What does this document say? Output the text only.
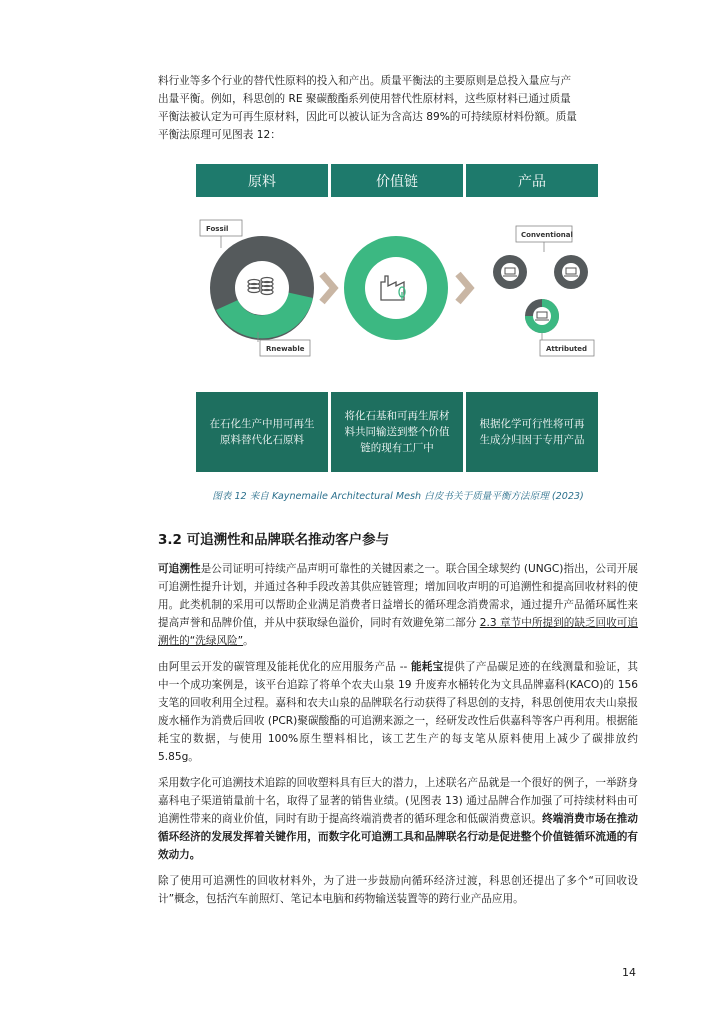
料行业等多个行业的替代性原料的投入和产出。质量平衡法的主要原则是总投入量应与产
出量平衡。例如，科思创的 RE 聚碳酸酯系列使用替代性原材料，这些原材料已通过质量
平衡法被认定为可再生原材料，因此可以被认证为含高达 89%的可持续原材料份额。质量
平衡法原理可见图表 12：
原料	价值链	产品
Fossil
Rnewable
Conventional
Attributed
在石化生产中用可再生原料替代化石原料
将化石基和可再生原材料共同输送到整个价值链的现有工厂中
根据化学可行性将可再生成分归因于专用产品
图表 12 来自 Kaynemaile Architectural Mesh 白皮书关于质量平衡方法原理 (2023)
3.2 可追溯性和品牌联名推动客户参与

可追溯性是公司证明可持续产品声明可靠性的关键因素之一。联合国全球契约 (UNGC)指出，公司开展可追溯性提升计划，并通过各种手段改善其供应链管理；增加回收声明的可追溯性和提高回收材料的使用。此类机制的采用可以帮助企业满足消费者日益增长的循环理念消费需求，通过提升产品循环属性来提高声誉和品牌价值，并从中获取绿色溢价，同时有效避免第二部分 2.3 章节中所提到的缺乏回收可追溯性的“洗绿风险”。

由阿里云开发的碳管理及能耗优化的应用服务产品 -- 能耗宝提供了产品碳足迹的在线测量和验证，其中一个成功案例是，该平台追踪了将单个农夫山泉 19 升废弃水桶转化为文具品牌嘉科(KACO)的 156 支笔的回收利用全过程。嘉科和农夫山泉的品牌联名行动获得了科思创的支持，科思创使用农夫山泉报废水桶作为消费后回收 (PCR)聚碳酸酯的可追溯来源之一，经研发改性后供嘉科等客户再利用。根据能耗宝的数据，与使用 100%原生塑料相比，该工艺生产的每支笔从原料使用上减少了碳排放约 5.85g。

采用数字化可追溯技术追踪的回收塑料具有巨大的潜力，上述联名产品就是一个很好的例子，一举跻身嘉科电子渠道销量前十名，取得了显著的销售业绩。(见图表 13) 通过品牌合作加强了可持续材料由可追溯性带来的商业价值，同时有助于提高终端消费者的循环理念和低碳消费意识。终端消费市场在推动循环经济的发展发挥着关键作用，而数字化可追溯工具和品牌联名行动是促进整个价值链循环流通的有效动力。

除了使用可追溯性的回收材料外，为了进一步鼓励向循环经济过渡，科思创还提出了多个“可回收设计”概念，包括汽车前照灯、笔记本电脑和药物输送装置等的跨行业产品应用。

14
